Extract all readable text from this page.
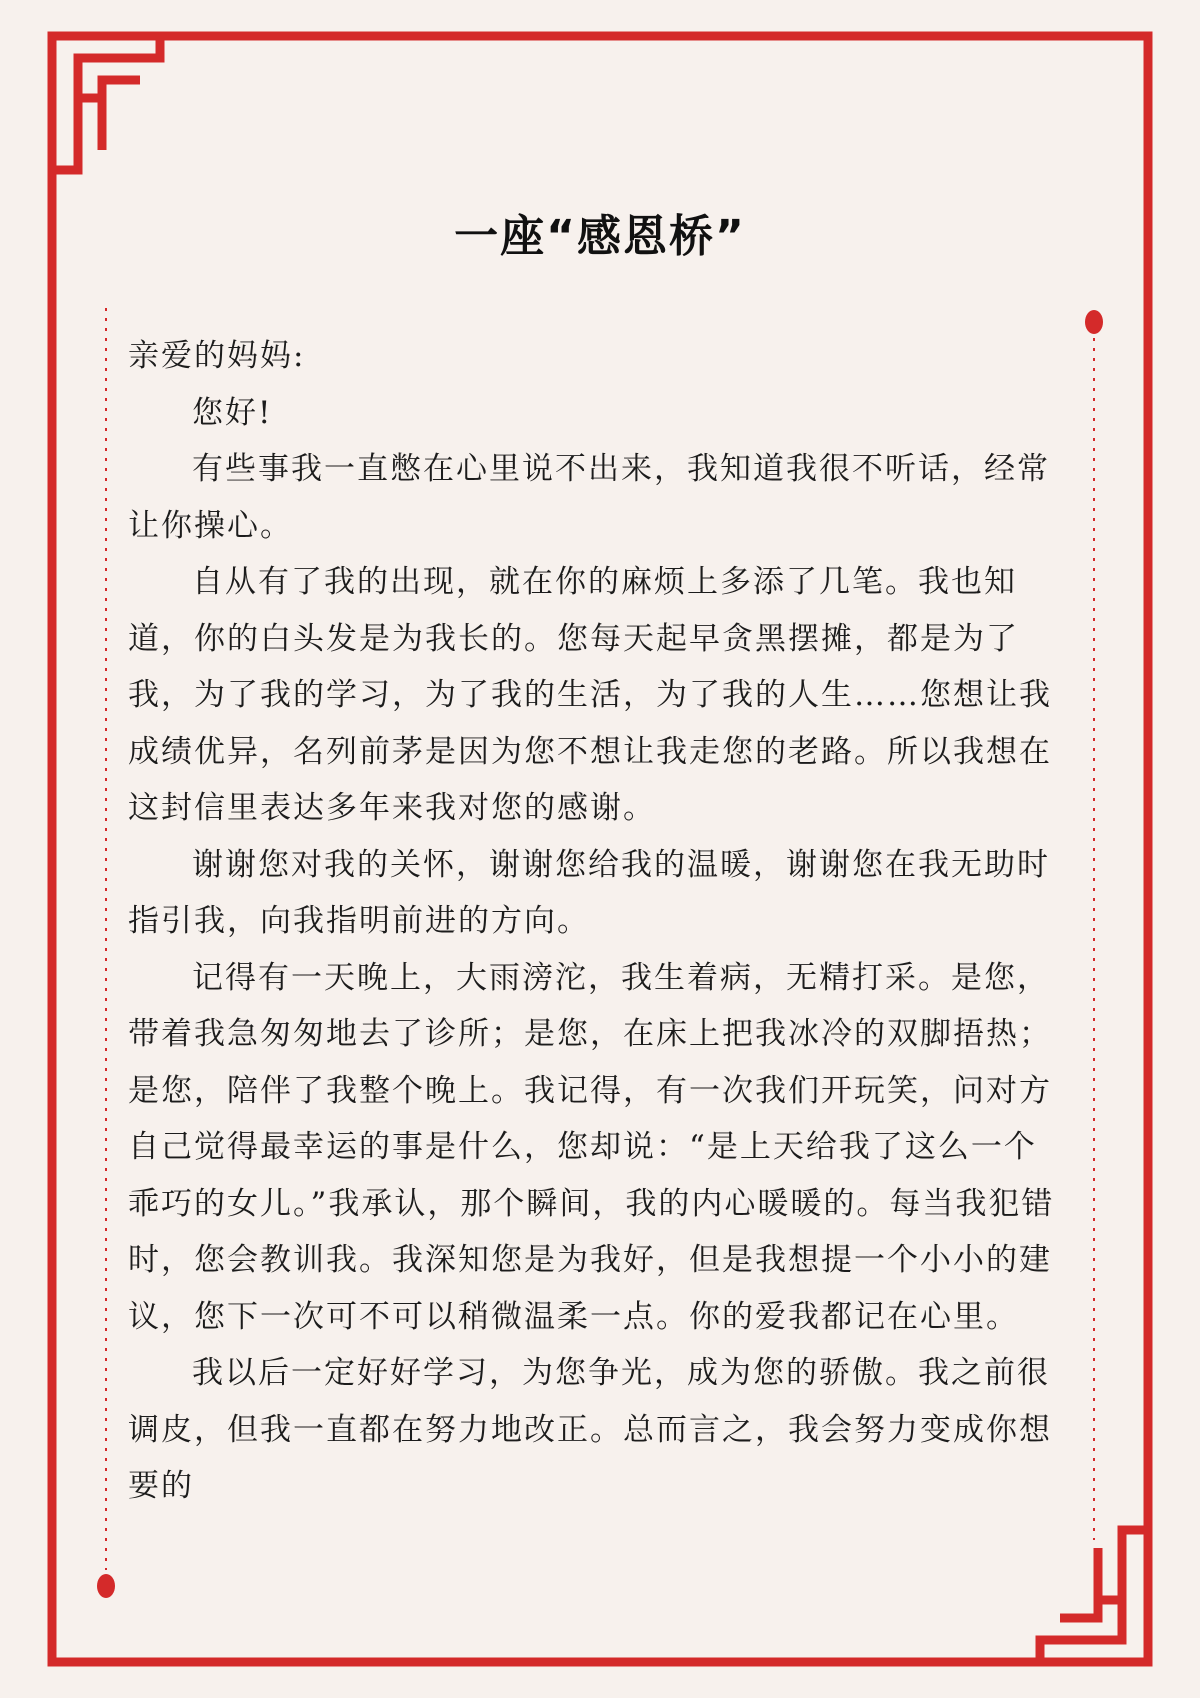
一座“感恩桥”

亲爱的妈妈:

您好!

有些事我一直憋在心里说不出来，我知道我很不听话，经常让你操心。

自从有了我的出现，就在你的麻烦上多添了几笔。我也知道，你的白头发是为我长的。您每天起早贪黑摆摊，都是为了我，为了我的学习，为了我的生活，为了我的人生……您想让我成绩优异，名列前茅是因为您不想让我走您的老路。所以我想在这封信里表达多年来我对您的感谢。

谢谢您对我的关怀，谢谢您给我的温暖，谢谢您在我无助时指引我，向我指明前进的方向。

记得有一天晚上，大雨滂沱，我生着病，无精打采。是您，带着我急匆匆地去了诊所；是您，在床上把我冰冷的双脚捂热；是您，陪伴了我整个晚上。我记得，有一次我们开玩笑，问对方自己觉得最幸运的事是什么，您却说：“是上天给我了这么一个乖巧的女儿。”我承认，那个瞬间，我的内心暖暖的。每当我犯错时，您会教训我。我深知您是为我好，但是我想提一个小小的建议，您下一次可不可以稍微温柔一点。你的爱我都记在心里。

我以后一定好好学习，为您争光，成为您的骄傲。我之前很调皮，但我一直都在努力地改正。总而言之，我会努力变成你想要的
